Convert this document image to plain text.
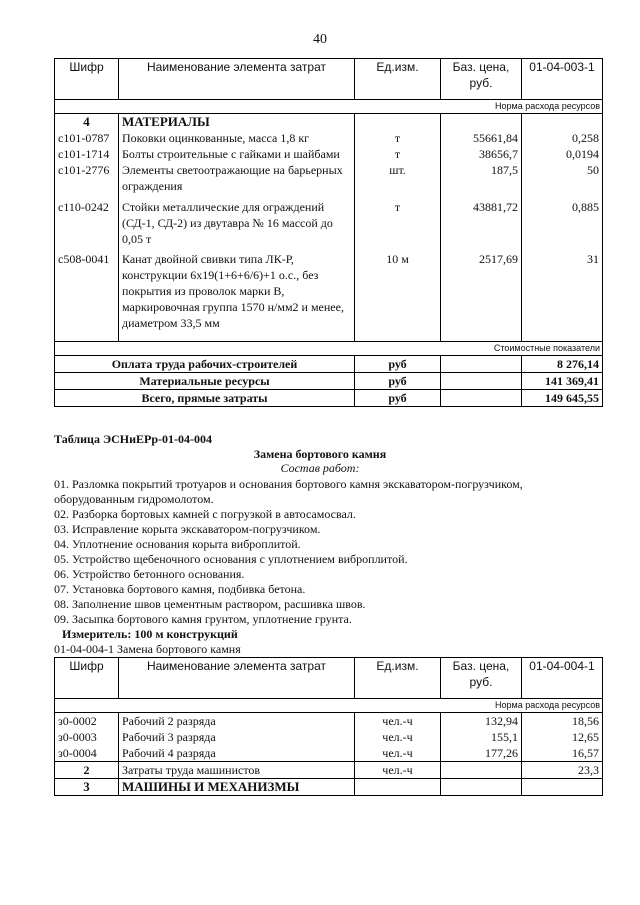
40
Шифр	Наименование элемента затрат	Ед.изм.	Баз. цена, руб.	01-04-003-1
Норма расхода ресурсов				
4	МАТЕРИАЛЫ			
с101-0787	Поковки оцинкованные, масса 1,8 кг	т	55661,84	0,258
с101-1714	Болты строительные с гайками и шайбами	т	38656,7	0,0194
с101-2776	Элементы светоотражающие на барьерных ограждения	шт.	187,5	50

с110-0242	Стойки металлические для ограждений (СД-1, СД-2) из двутавра № 16 массой до 0,05 т	т	43881,72	0,885

с508-0041	Канат двойной свивки типа ЛК-Р, конструкции 6х19(1+6+6/6)+1 о.с., без покрытия из проволок марки В, маркировочная группа 1570 н/мм2 и менее, диаметром 33,5 мм	10 м	2517,69	31

Стоимостные показатели				
Оплата труда рабочих-строителей		руб		8 276,14
Материальные ресурсы		руб		141 369,41
Всего, прямые затраты		руб		149 645,55
Таблица ЭСНиЕРр-01-04-004
Замена бортового камня
Состав работ:
01. Разломка покрытий тротуаров и основания бортового камня экскаватором-погрузчиком,
оборудованным гидромолотом.
02. Разборка бортовых камней с погрузкой в автосамосвал.
03. Исправление корыта экскаватором-погрузчиком.
04. Уплотнение основания корыта виброплитой.
05. Устройство щебеночного основания с уплотнением виброплитой.
06. Устройство бетонного основания.
07. Установка бортового камня, подбивка бетона.
08. Заполнение швов цементным раствором, расшивка швов.
09. Засыпка бортового камня грунтом, уплотнение грунта.
Измеритель: 100 м конструкций
01-04-004-1 Замена бортового камня
Шифр	Наименование элемента затрат	Ед.изм.	Баз. цена, руб.	01-04-004-1
Норма расхода ресурсов				
з0-0002	Рабочий 2 разряда	чел.-ч	132,94	18,56
з0-0003	Рабочий 3 разряда	чел.-ч	155,1	12,65
з0-0004	Рабочий 4 разряда	чел.-ч	177,26	16,57
2	Затраты труда машинистов	чел.-ч		23,3
3	МАШИНЫ И МЕХАНИЗМЫ			
